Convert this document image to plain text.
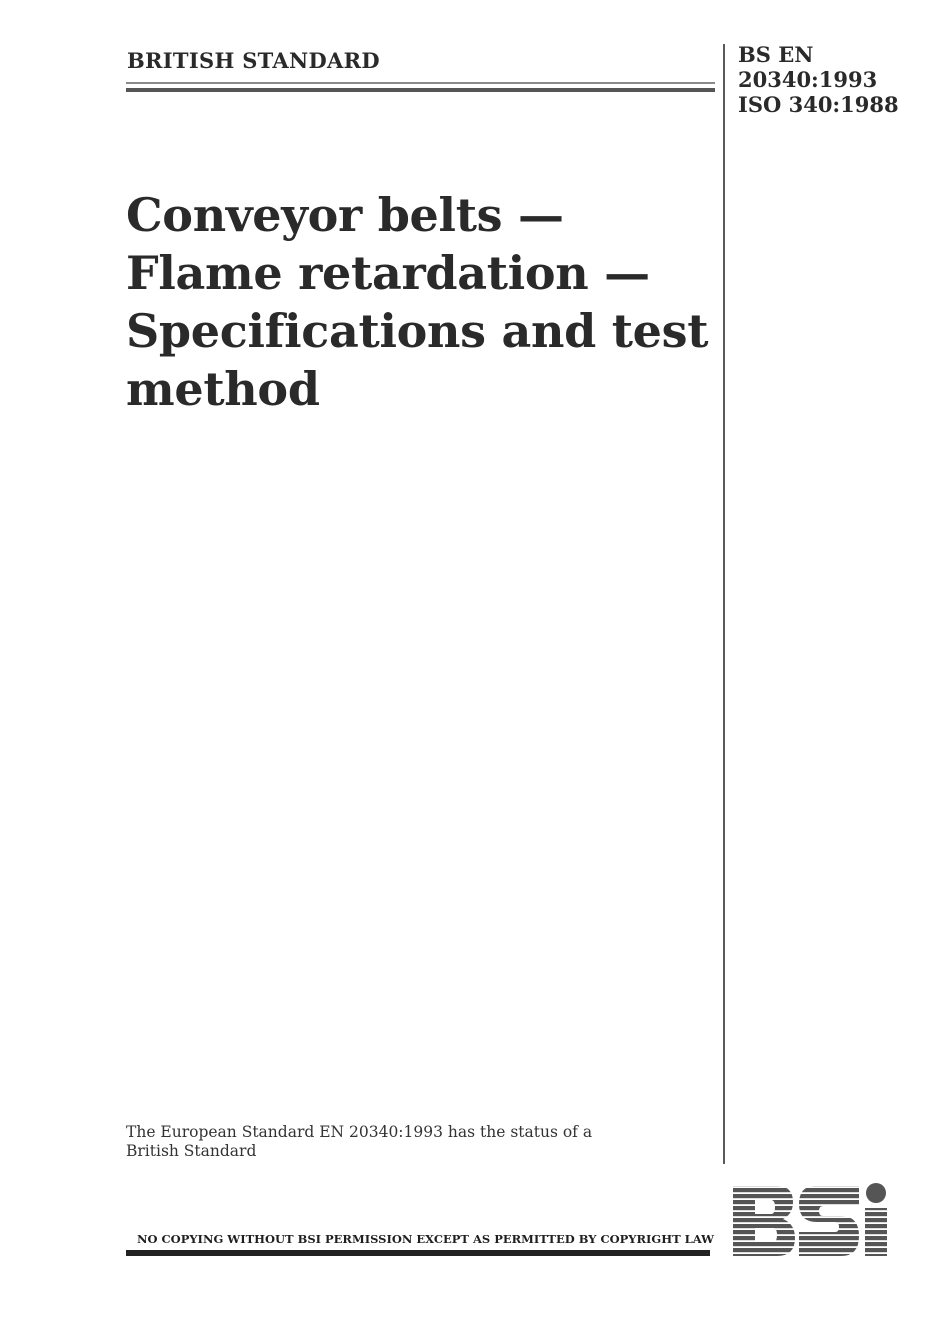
BRITISH STANDARD	BS EN
20340:1993
ISO 340:1988
Conveyor belts —
Flame retardation —
Specifications and test
method
The European Standard EN 20340:1993 has the status of a
British Standard
NO COPYING WITHOUT BSI PERMISSION EXCEPT AS PERMITTED BY COPYRIGHT LAW
